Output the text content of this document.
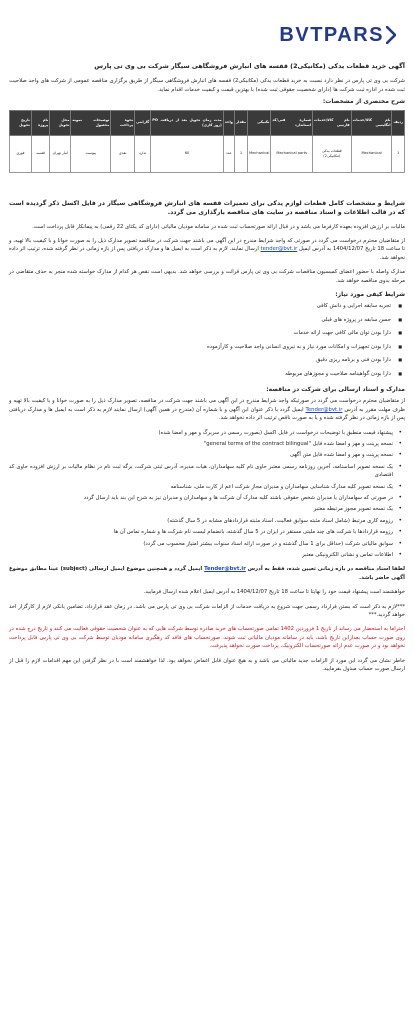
BVTPARS
آگهی خرید قطعات یدکی (مکانیکی2) قفسه های انبارش فروشگاهی سیگار شرکت بی وی تی پارس
شرکت بی وی تی پارس در نظر دارد نسبت به خرید قطعات یدکی (مکانیکی2) قفسه های انبارش فروشگاهی سیگار از طریق برگزاری مناقصه عمومی از شرکت های واجد صلاحیت ثبت شده در اداره ثبت شرکت ها (دارای شخصیت حقوقی ثبت شده) با بهترین قیمت و کیفیت خدمات اقدام نماید.
شرح مختصری از مشخصات:
ردیف	نام کالا/خدمات انگلیسی	نام کالا/خدمات فارسی	شماره فنی/کد استاندارد	تکنیکی	مقدار	واحد	مدت زمان تحویل بعد از دریافت PO (روز کاری)	گارانتی	نحوه پرداخت	توضیحات نمونه محصول	محل تحویل	نام پروژه	تاریخ تحویل
1	Mechanical	قطعات یدکی (مکانیکی2)	Mechanical parts	Mechanical	1	عدد	60	ندارد	نقدی	پیوست	انبار تهران	قفسه	فوری
شرایط و مشخصات کامل قطعات لوازم یدکی برای تعمیرات قفسه های انبارش فروشگاهی سیگار در فایل اکسل ذکر گردیده است که در قالب اطلاعات و اسناد مناقصه در سایت های مناقصه بارگذاری می گردد.

مالیات بر ارزش افزوده بعهده کارفرما می باشد و در قبال ارائه صورتحساب ثبت شده در سامانه مودیان مالیاتی (دارای کد یکتای 22 رقمی) به پیمانکار قابل پرداخت است.

از متقاضیان محترم درخواست می گردد در صورتی که واجد شرایط مندرج در این آگهی می باشند جهت شرکت در مناقصه تصویر مدارک ذیل را به صورت خوانا و با کیفیت بالا تهیه، و تا ساعت 18 تاریخ 1404/12/07 به آدرس ایمیل tender@bvt.ir ارسال نمایند. لازم به ذکر است به ایمیل ها و مدارک دریافتی پس از بازه زمانی در نظر گرفته شده، ترتیب اثر داده نخواهد شد.

مدارک واصله با حضور اعضای کمیسیون مناقصات شرکت بی وی تی پارس قرائت و بررسی خواهد شد. بدیهی است نقص هر کدام از مدارک خواسته شده منجر به حذف متقاضی در مرحله بدوی مناقصه خواهد شد.

شرایط کیفی مورد نیاز:
■ تجربه سابقه اجرایی و دانش کافی
■ حسن سابقه در پروژه های قبلی
■ دارا بودن توان مالی کافی جهت ارائه خدمات
■ دارا بودن تجهیزات و امکانات مورد نیاز و به نیروی انسانی واجد صلاحیت و کارآزموده
■ دارا بودن فنی و برنامه ریزی دقیق
■ دارا بودن گواهینامه صلاحیت و مجوزهای مربوطه
مدارک و اسناد ارسالی برای شرکت در مناقصه:

از متقاضیان محترم درخواست می گردد در صورتیکه واجد شرایط مندرج در این آگهی می باشند جهت شرکت در مناقصه، تصویر مدارک ذیل را به صورت خوانا و با کیفیت بالا تهیه و ظرف مهلت مقرر به آدرس Tender@bvt.ir ایمیل گردد با ذکر عنوان این آگهی و با شماره آن (مندرج در همین آگهی) ارسال نمایند لازم به ذکر است به ایمیل ها و مدارک دریافتی پس از بازه زمانی در نظر گرفته شده و یا به صورت ناقص ترتیب اثر داده نخواهد شد.

• پیشنهاد قیمت منطبق با توضیحات درخواست در فایل اکسل (بصورت رسمی در سربرگ و مهر و امضا شده)
• نسخه پرینت و مهر و امضا شده فایل "general terms of the contract bilingual"
• نسخه پرینت و مهر و امضا شده فایل متن آگهی
• یک نسخه تصویر اساسنامه، آخرین روزنامه رسمی معتبر حاوی نام کلیه سهامداران، هیات مدیره، آدرس ثبتی شرکت، برگه ثبت نام در نظام مالیات بر ارزش افزوده حاوی کد اقتصادی
• یک نسخه تصویر کلیه مدارک شناسایی سهامداران و مدیران مجاز شرکت اعم از کارت ملی، شناسنامه
• در صورتی که سهامداران یا مدیران شخص حقوقی باشند کلیه مدارک آن شرکت ها و سهامداران و مدیران نیز به شرح این بند باید ارسال گردد
• یک نسخه تصویر مجوز مرتبطه معتبر
• رزومه کاری مرتبط (شامل اسناد مثبته سوابق فعالیت، اسناد مثبته قراردادهای مشابه در 5 سال گذشته)
• رزومه قراردادها با شرکت های چند ملیتی مستقر در ایران در 5 سال گذشته، بانضمام لیست نام شرکت ها و شماره تماس آن ها
• سوابق مالیاتی شرکت (حداقل برای 1 سال گذشته و در صورت ارائه اسناد سنوات بیشتر امتیاز محسوب می گردد)
• اطلاعات تماس و نشانی الکترونیکی معتبر

لطفا اسناد مناقصه در بازه زمانی تعیین شده، فقط به آدرس Tender@bvt.ir ایمیل گردد و همچنین موضوع ایمیل ارسالی (subject) عینا مطابق موضوع آگهی حاضر باشد.

خواهشمند است پیشنهاد قیمت خود را نهایتا تا ساعت 18 تاریخ 1404/12/07 به آدرس ایمیل اعلام شده ارسال فرمایید.

***لازم به ذکر است که بستن قرارداد رسمی جهت شروع به دریافت خدمات از الزامات شرکت بی وی تی پارس می باشد. در زمان عقد قرارداد، تضامین بانکی لازم از کارگزار اخذ خواهد گردید.***

احتراما به استحضار می رساند از تاریخ 1 فروردین 1402 تمامی صورتحساب های خرید صادره توسط شرکت هایی که به عنوان شخصیت حقوقی فعالیت می کنند و تاریخ درج شده در روی صورت حساب بعدازاین تاریخ باشد، باید در سامانه مودیان مالیاتی ثبت شوند. صورتحساب های فاقد کد رهگیری سامانه مودیان توسط شرکت بی وی تی پارس قابل پرداخت نخواهد بود و در صورت عدم ارائه صورتحساب الکترونیک، پرداخت صورت نخواهد پذیرفت.

خاطر نشان می گردد این مورد از الزامات جدید مالیاتی می باشد و به هیچ عنوان قابل اغماض نخواهد بود. لذا خواهشمند است با در نظر گرفتن این مهم اقدامات لازم را قبل از ارسال صورت حساب مبذول بفرمایید.
